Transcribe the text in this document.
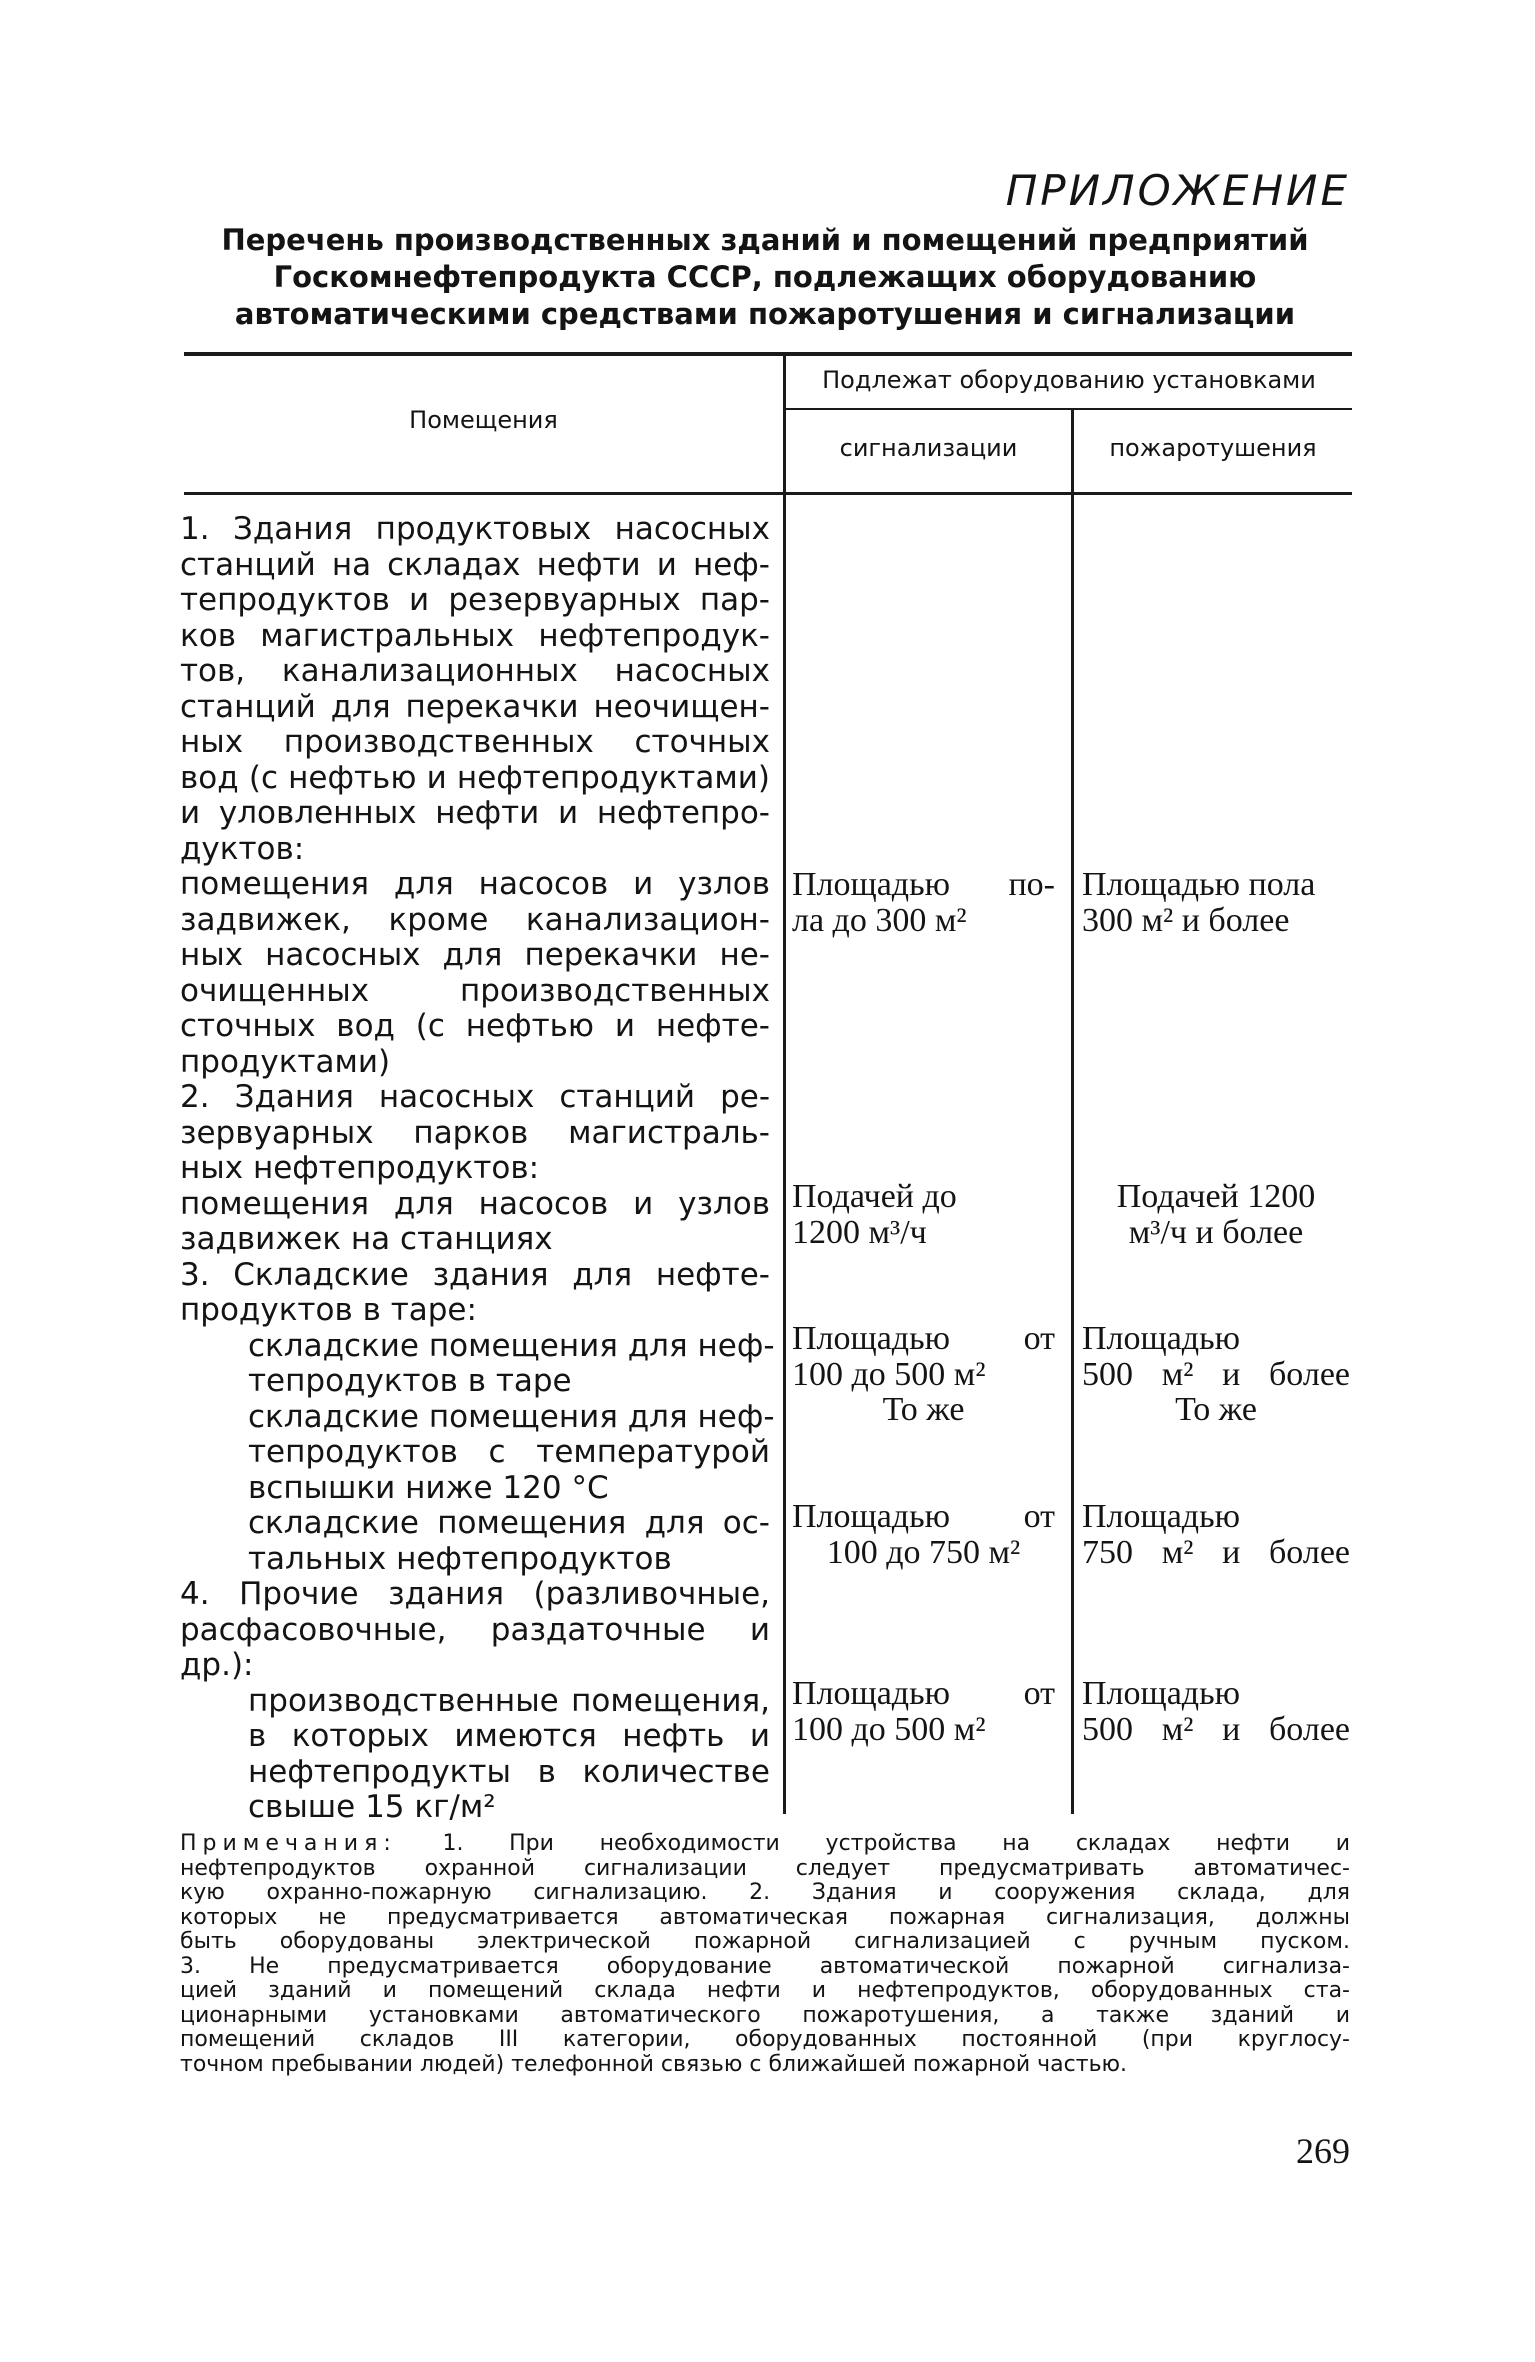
ПРИЛОЖЕНИЕ
Перечень производственных зданий и помещений предприятий
Госкомнефтепродукта СССР, подлежащих оборудованию
автоматическими средствами пожаротушения и сигнализации
Помещения
Подлежат оборудованию установками
сигнализации	пожаротушения
1. Здания продуктовых насосных
станций на складах нефти и неф-
тепродуктов и резервуарных пар-
ков магистральных нефтепродук-
тов, канализационных насосных
станций для перекачки неочищен-
ных производственных сточных
вод (с нефтью и нефтепродуктами)
и уловленных нефти и нефтепро-
дуктов:
помещения для насосов и узлов
задвижек, кроме канализацион-
ных насосных для перекачки не-
очищенных производственных
сточных вод (с нефтью и нефте-
продуктами)
2. Здания насосных станций ре-
зервуарных парков магистраль-
ных нефтепродуктов:
помещения для насосов и узлов
задвижек на станциях
3. Складские здания для нефте-
продуктов в таре:
складские помещения для неф-
тепродуктов в таре
складские помещения для неф-
тепродуктов с температурой
вспышки ниже 120 °С
складские помещения для ос-
тальных нефтепродуктов
4. Прочие здания (разливочные,
расфасовочные, раздаточные и
др.):
производственные помещения,
в которых имеются нефть и
нефтепродукты в количестве
свыше 15 кг/м²
Площадью по-
ла до 300 м²
Подачей до
1200 м³/ч
Площадью от
100 до 500 м²
То же
Площадью от
100 до 750 м²
Площадью от
100 до 500 м²
Площадью пола
300 м² и более
Подачей 1200
м³/ч и более
Площадью
500 м² и более
То же
Площадью
750 м² и более
Площадью
500 м² и более
Примечания: 1. При необходимости устройства на складах нефти и
нефтепродуктов охранной сигнализации следует предусматривать автоматичес-
кую охранно-пожарную сигнализацию. 2. Здания и сооружения склада, для
которых не предусматривается автоматическая пожарная сигнализация, должны
быть оборудованы электрической пожарной сигнализацией с ручным пуском.
3. Не предусматривается оборудование автоматической пожарной сигнализа-
цией зданий и помещений склада нефти и нефтепродуктов, оборудованных ста-
ционарными установками автоматического пожаротушения, а также зданий и
помещений складов III категории, оборудованных постоянной (при круглосу-
точном пребывании людей) телефонной связью с ближайшей пожарной частью.
269
